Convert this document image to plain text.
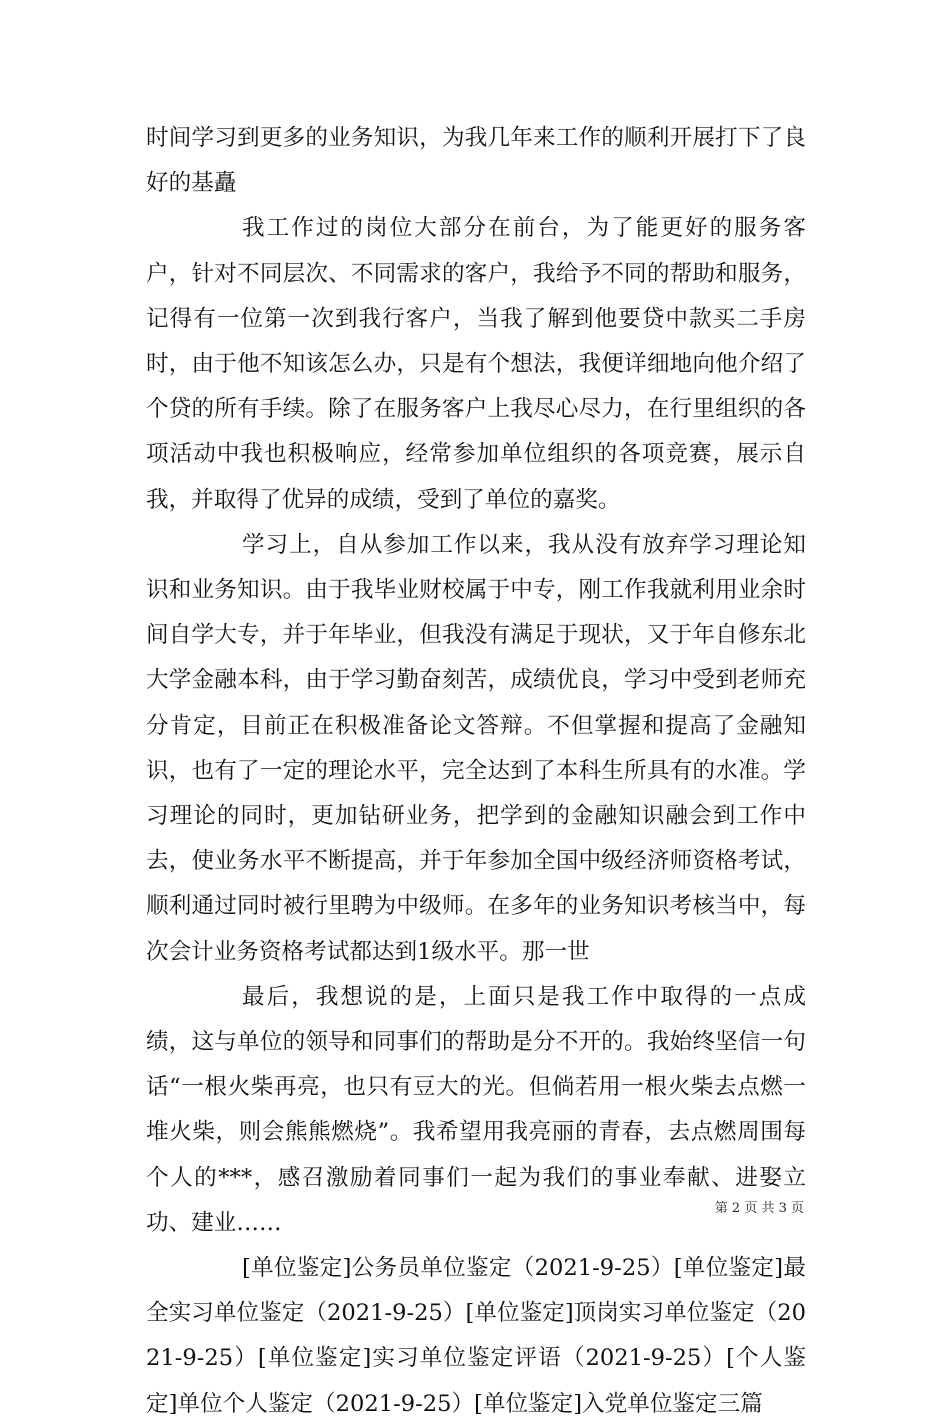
时间学习到更多的业务知识，为我几年来工作的顺利开展打下了良好的基矗

我工作过的岗位大部分在前台，为了能更好的服务客户，针对不同层次、不同需求的客户，我给予不同的帮助和服务，记得有一位第一次到我行客户，当我了解到他要贷中款买二手房时，由于他不知该怎么办，只是有个想法，我便详细地向他介绍了个贷的所有手续。除了在服务客户上我尽心尽力，在行里组织的各项活动中我也积极响应，经常参加单位组织的各项竞赛，展示自我，并取得了优异的成绩，受到了单位的嘉奖。

学习上，自从参加工作以来，我从没有放弃学习理论知识和业务知识。由于我毕业财校属于中专，刚工作我就利用业余时间自学大专，并于年毕业，但我没有满足于现状，又于年自修东北大学金融本科，由于学习勤奋刻苦，成绩优良，学习中受到老师充分肯定，目前正在积极准备论文答辩。不但掌握和提高了金融知识，也有了一定的理论水平，完全达到了本科生所具有的水准。学习理论的同时，更加钻研业务，把学到的金融知识融会到工作中去，使业务水平不断提高，并于年参加全国中级经济师资格考试，顺利通过同时被行里聘为中级师。在多年的业务知识考核当中，每次会计业务资格考试都达到1级水平。那一世

最后，我想说的是，上面只是我工作中取得的一点成绩，这与单位的领导和同事们的帮助是分不开的。我始终坚信一句话“一根火柴再亮，也只有豆大的光。但倘若用一根火柴去点燃一堆火柴，则会熊熊燃烧”。我希望用我亮丽的青春，去点燃周围每个人的***，感召激励着同事们一起为我们的事业奉献、进娶立功、建业……

[单位鉴定]公务员单位鉴定（2021-9-25）[单位鉴定]最全实习单位鉴定（2021-9-25）[单位鉴定]顶岗实习单位鉴定（2021-9-25）[单位鉴定]实习单位鉴定评语（2021-9-25）[个人鉴定]单位个人鉴定（2021-9-25）[单位鉴定]入党单位鉴定三篇

第 2 页 共 3 页
